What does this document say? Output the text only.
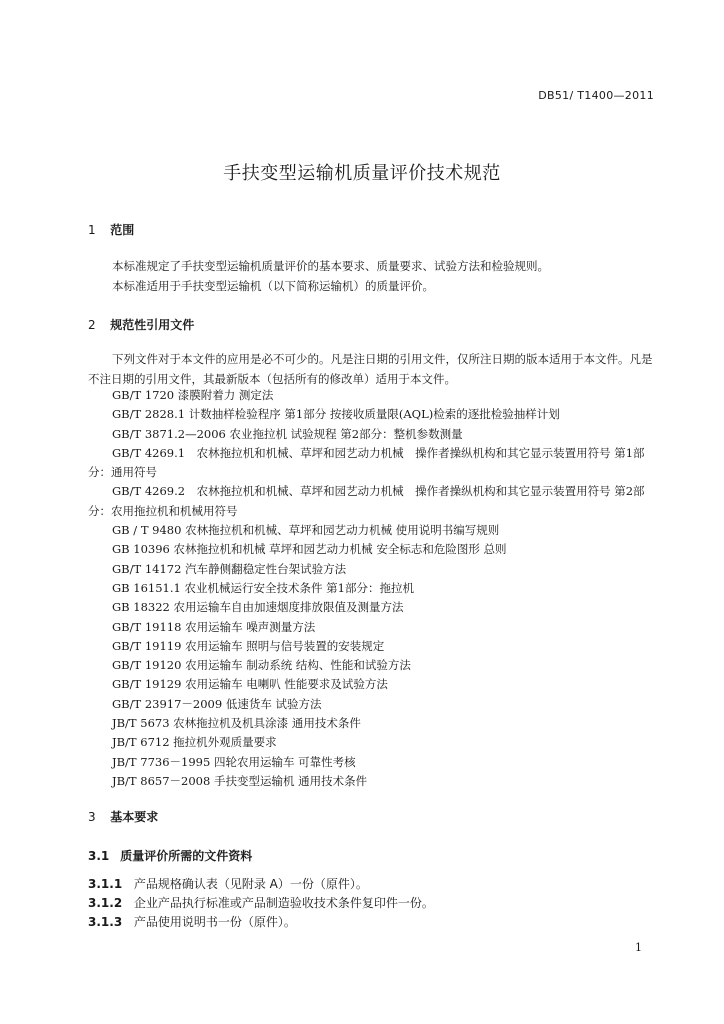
DB51/ T1400—2011
手扶变型运输机质量评价技术规范
1 范围
本标准规定了手扶变型运输机质量评价的基本要求、质量要求、试验方法和检验规则。
本标准适用于手扶变型运输机（以下简称运输机）的质量评价。
2 规范性引用文件
下列文件对于本文件的应用是必不可少的。凡是注日期的引用文件，仅所注日期的版本适用于本文件。凡是不注日期的引用文件，其最新版本（包括所有的修改单）适用于本文件。

GB/T 1720 漆膜附着力 测定法

GB/T 2828.1 计数抽样检验程序 第1部分 按接收质量限(AQL)检索的逐批检验抽样计划

GB/T 3871.2—2006 农业拖拉机 试验规程 第2部分：整机参数测量

GB/T 4269.1　农林拖拉机和机械、草坪和园艺动力机械　操作者操纵机构和其它显示装置用符号 第1部分：通用符号

GB/T 4269.2　农林拖拉机和机械、草坪和园艺动力机械　操作者操纵机构和其它显示装置用符号 第2部分：农用拖拉机和机械用符号

GB / T 9480 农林拖拉机和机械、草坪和园艺动力机械 使用说明书编写规则

GB 10396 农林拖拉机和机械 草坪和园艺动力机械 安全标志和危险图形 总则

GB/T 14172 汽车静侧翻稳定性台架试验方法

GB 16151.1 农业机械运行安全技术条件 第1部分：拖拉机

GB 18322 农用运输车自由加速烟度排放限值及测量方法

GB/T 19118 农用运输车 噪声测量方法

GB/T 19119 农用运输车 照明与信号装置的安装规定

GB/T 19120 农用运输车 制动系统 结构、性能和试验方法

GB/T 19129 农用运输车 电喇叭 性能要求及试验方法

GB/T 23917－2009 低速货车 试验方法

JB/T 5673 农林拖拉机及机具涂漆 通用技术条件

JB/T 6712 拖拉机外观质量要求

JB/T 7736－1995 四轮农用运输车 可靠性考核

JB/T 8657－2008 手扶变型运输机 通用技术条件

3 基本要求
3.1 质量评价所需的文件资料
3.1.1 产品规格确认表（见附录 A）一份（原件）。
3.1.2 企业产品执行标准或产品制造验收技术条件复印件一份。
3.1.3 产品使用说明书一份（原件）。
1
